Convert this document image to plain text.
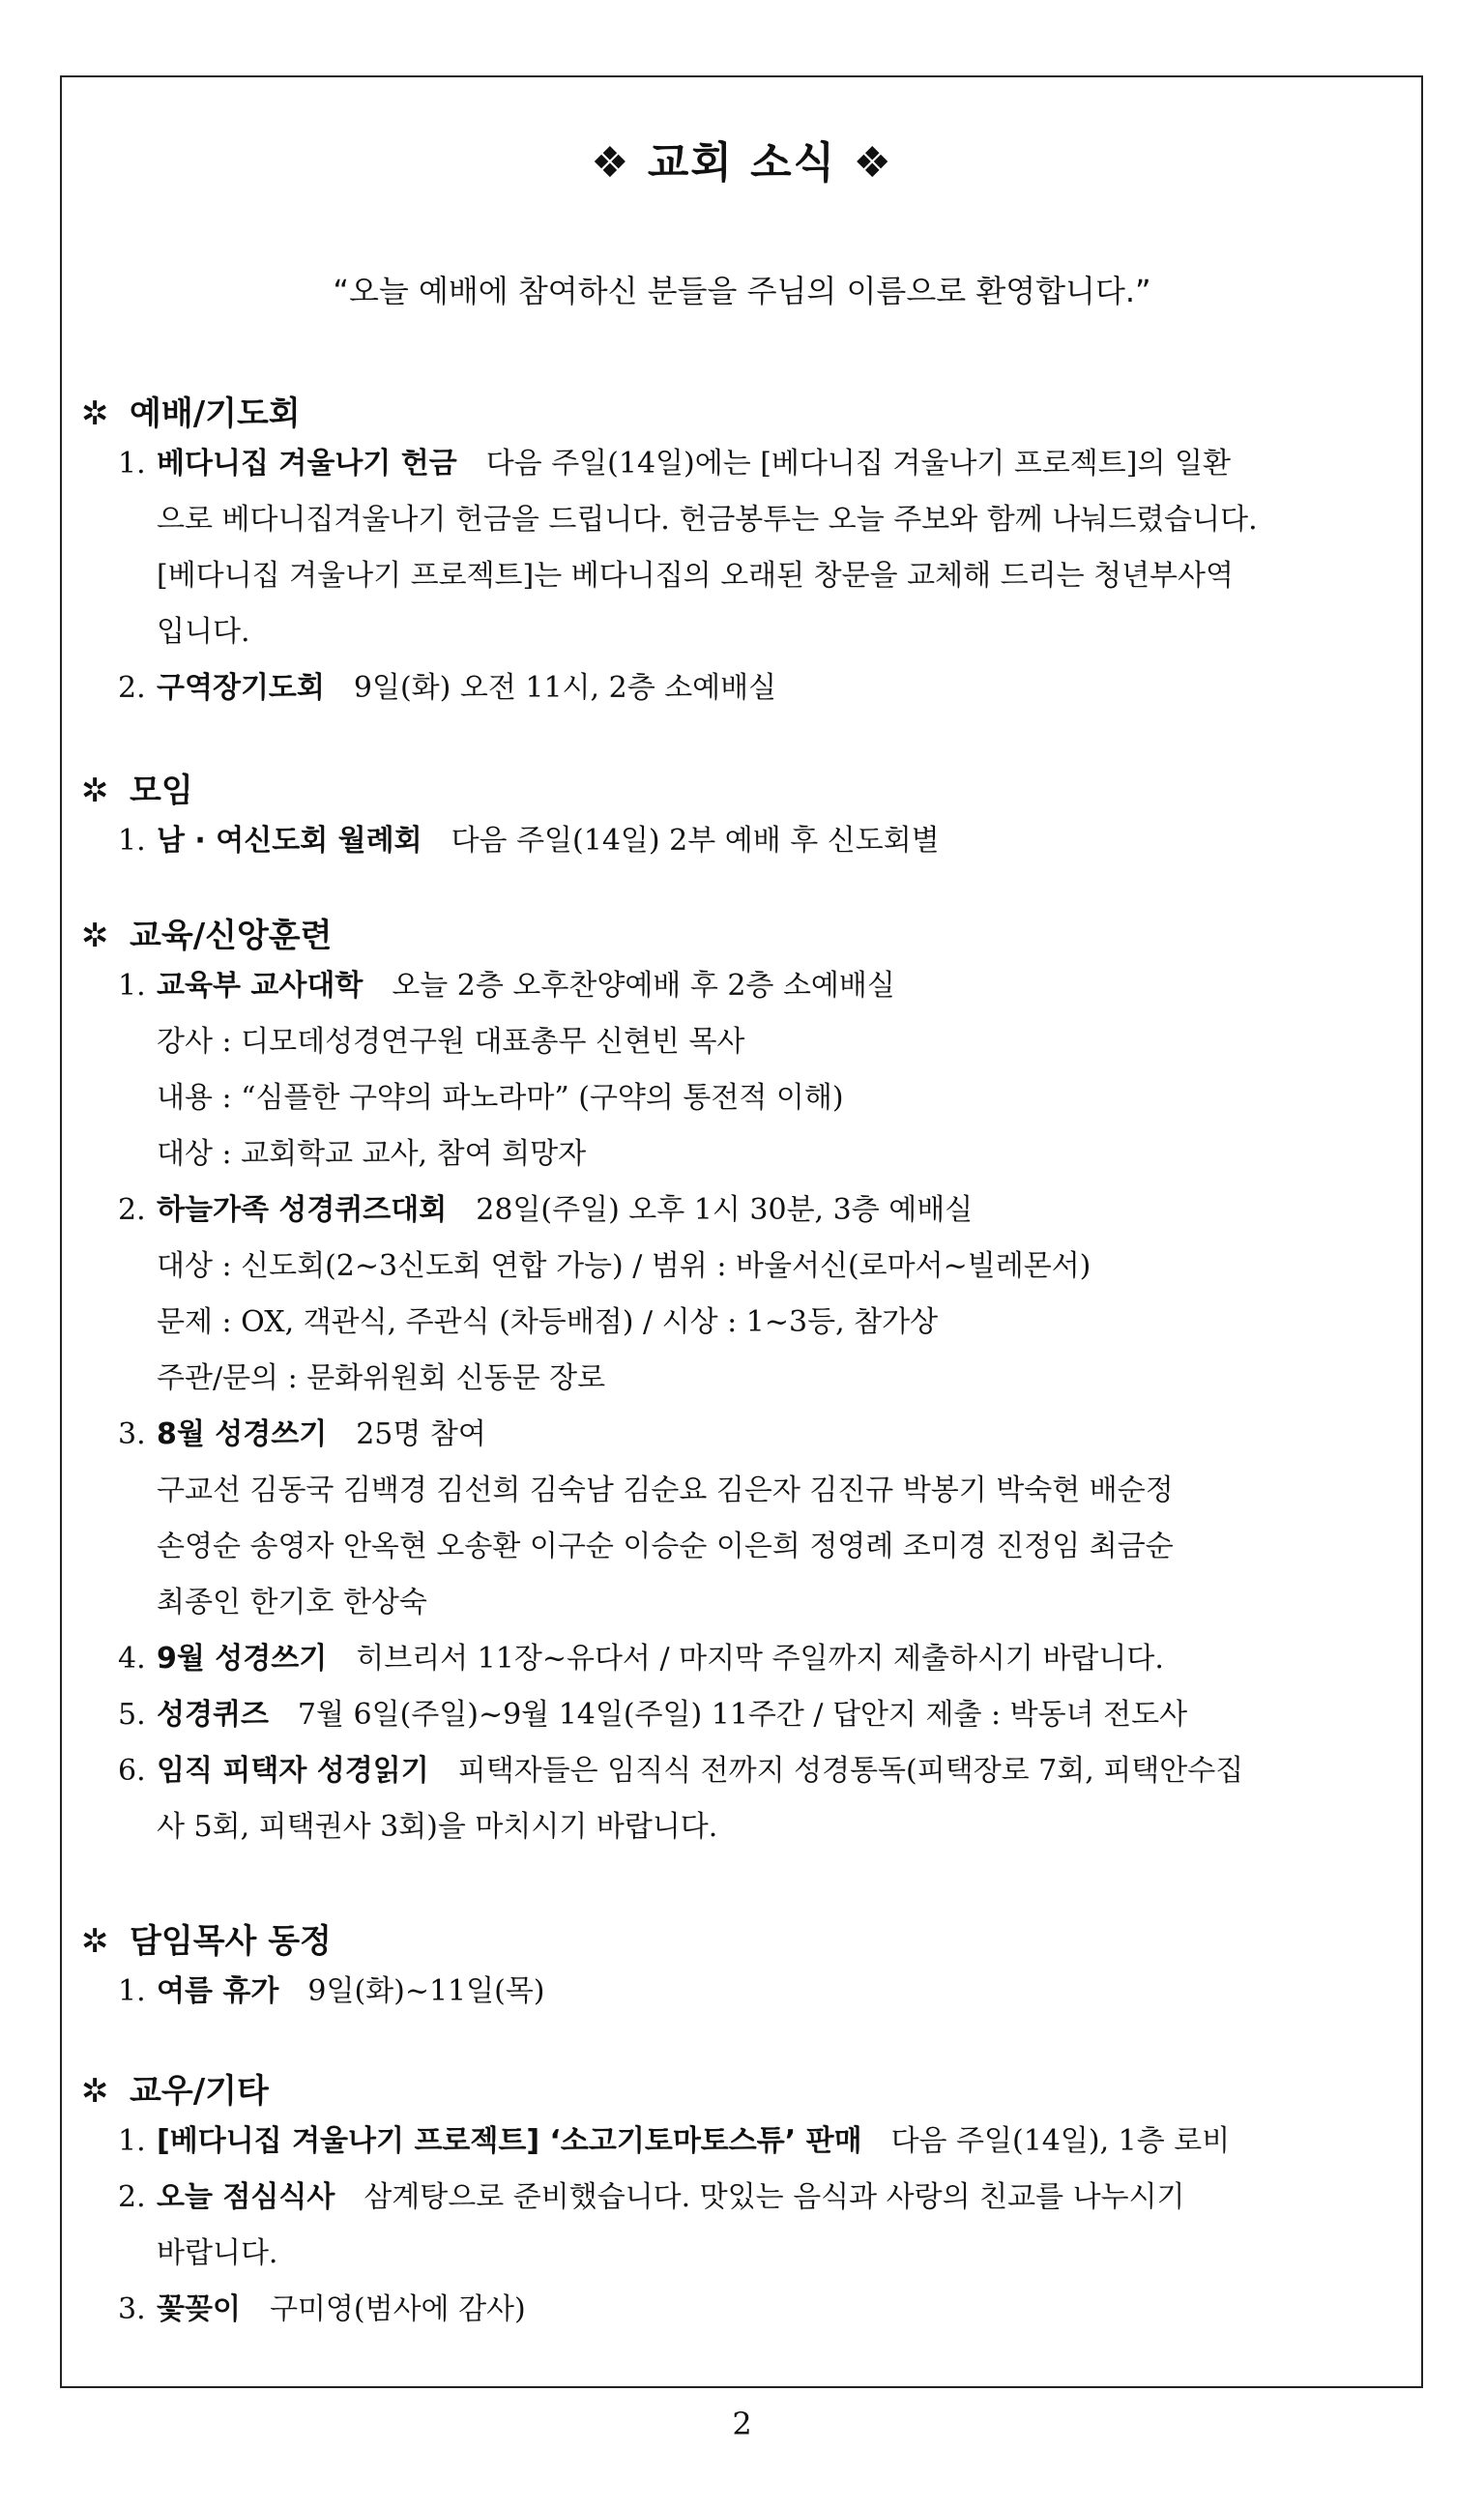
❖ 교회 소식 ❖
“오늘 예배에 참여하신 분들을 주님의 이름으로 환영합니다.”
✲ 예배/기도회
1. 베다니집 겨울나기 헌금 다음 주일(14일)에는 [베다니집 겨울나기 프로젝트]의 일환
으로 베다니집겨울나기 헌금을 드립니다. 헌금봉투는 오늘 주보와 함께 나눠드렸습니다.
[베다니집 겨울나기 프로젝트]는 베다니집의 오래된 창문을 교체해 드리는 청년부사역
입니다.
2. 구역장기도회 9일(화) 오전 11시, 2층 소예배실
✲ 모임
1. 남 · 여신도회 월례회 다음 주일(14일) 2부 예배 후 신도회별
✲ 교육/신앙훈련
1. 교육부 교사대학 오늘 2층 오후찬양예배 후 2층 소예배실
강사 : 디모데성경연구원 대표총무 신현빈 목사
내용 : “심플한 구약의 파노라마” (구약의 통전적 이해)
대상 : 교회학교 교사, 참여 희망자
2. 하늘가족 성경퀴즈대회 28일(주일) 오후 1시 30분, 3층 예배실
대상 : 신도회(2~3신도회 연합 가능) / 범위 : 바울서신(로마서~빌레몬서)
문제 : OX, 객관식, 주관식 (차등배점) / 시상 : 1~3등, 참가상
주관/문의 : 문화위원회 신동문 장로
3. 8월 성경쓰기 25명 참여
구교선 김동국 김백경 김선희 김숙남 김순요 김은자 김진규 박봉기 박숙현 배순정
손영순 송영자 안옥현 오송환 이구순 이승순 이은희 정영례 조미경 진정임 최금순
최종인 한기호 한상숙
4. 9월 성경쓰기 히브리서 11장~유다서 / 마지막 주일까지 제출하시기 바랍니다.
5. 성경퀴즈 7월 6일(주일)~9월 14일(주일) 11주간 / 답안지 제출 : 박동녀 전도사
6. 임직 피택자 성경읽기 피택자들은 임직식 전까지 성경통독(피택장로 7회, 피택안수집
사 5회, 피택권사 3회)을 마치시기 바랍니다.
✲ 담임목사 동정
1. 여름 휴가 9일(화)~11일(목)
✲ 교우/기타
1. [베다니집 겨울나기 프로젝트] ‘소고기토마토스튜’ 판매 다음 주일(14일), 1층 로비
2. 오늘 점심식사 삼계탕으로 준비했습니다. 맛있는 음식과 사랑의 친교를 나누시기
바랍니다.
3. 꽃꽂이 구미영(범사에 감사)
2
